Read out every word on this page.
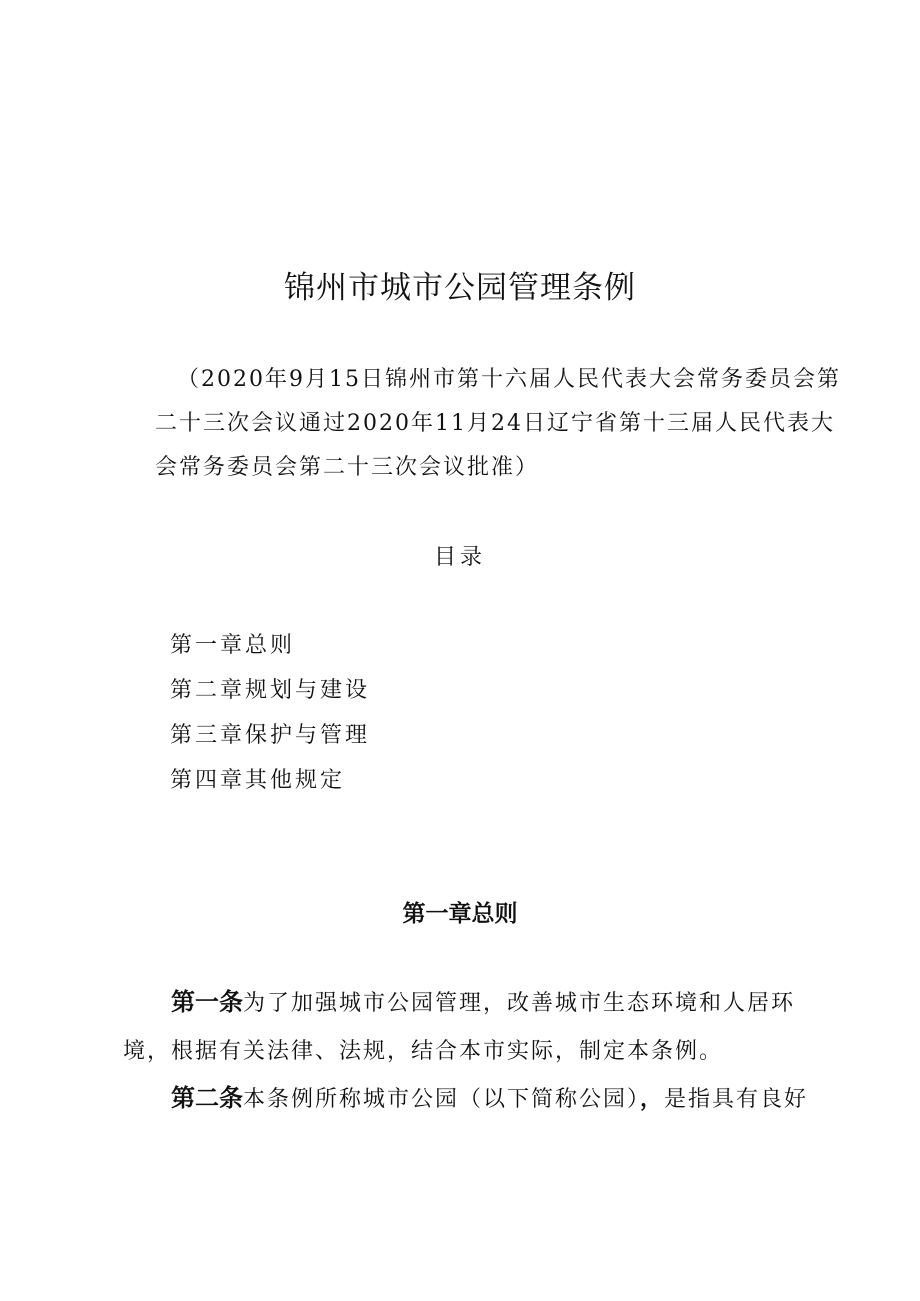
锦州市城市公园管理条例
（2020年9月15日锦州市第十六届人民代表大会常务委员会第
二十三次会议通过2020年11月24日辽宁省第十三届人民代表大
会常务委员会第二十三次会议批准）
目录
第一章总则
第二章规划与建设
第三章保护与管理
第四章其他规定
第一章总则
第一条为了加强城市公园管理，改善城市生态环境和人居环
境，根据有关法律、法规，结合本市实际，制定本条例。
第二条本条例所称城市公园（以下简称公园），是指具有良好
